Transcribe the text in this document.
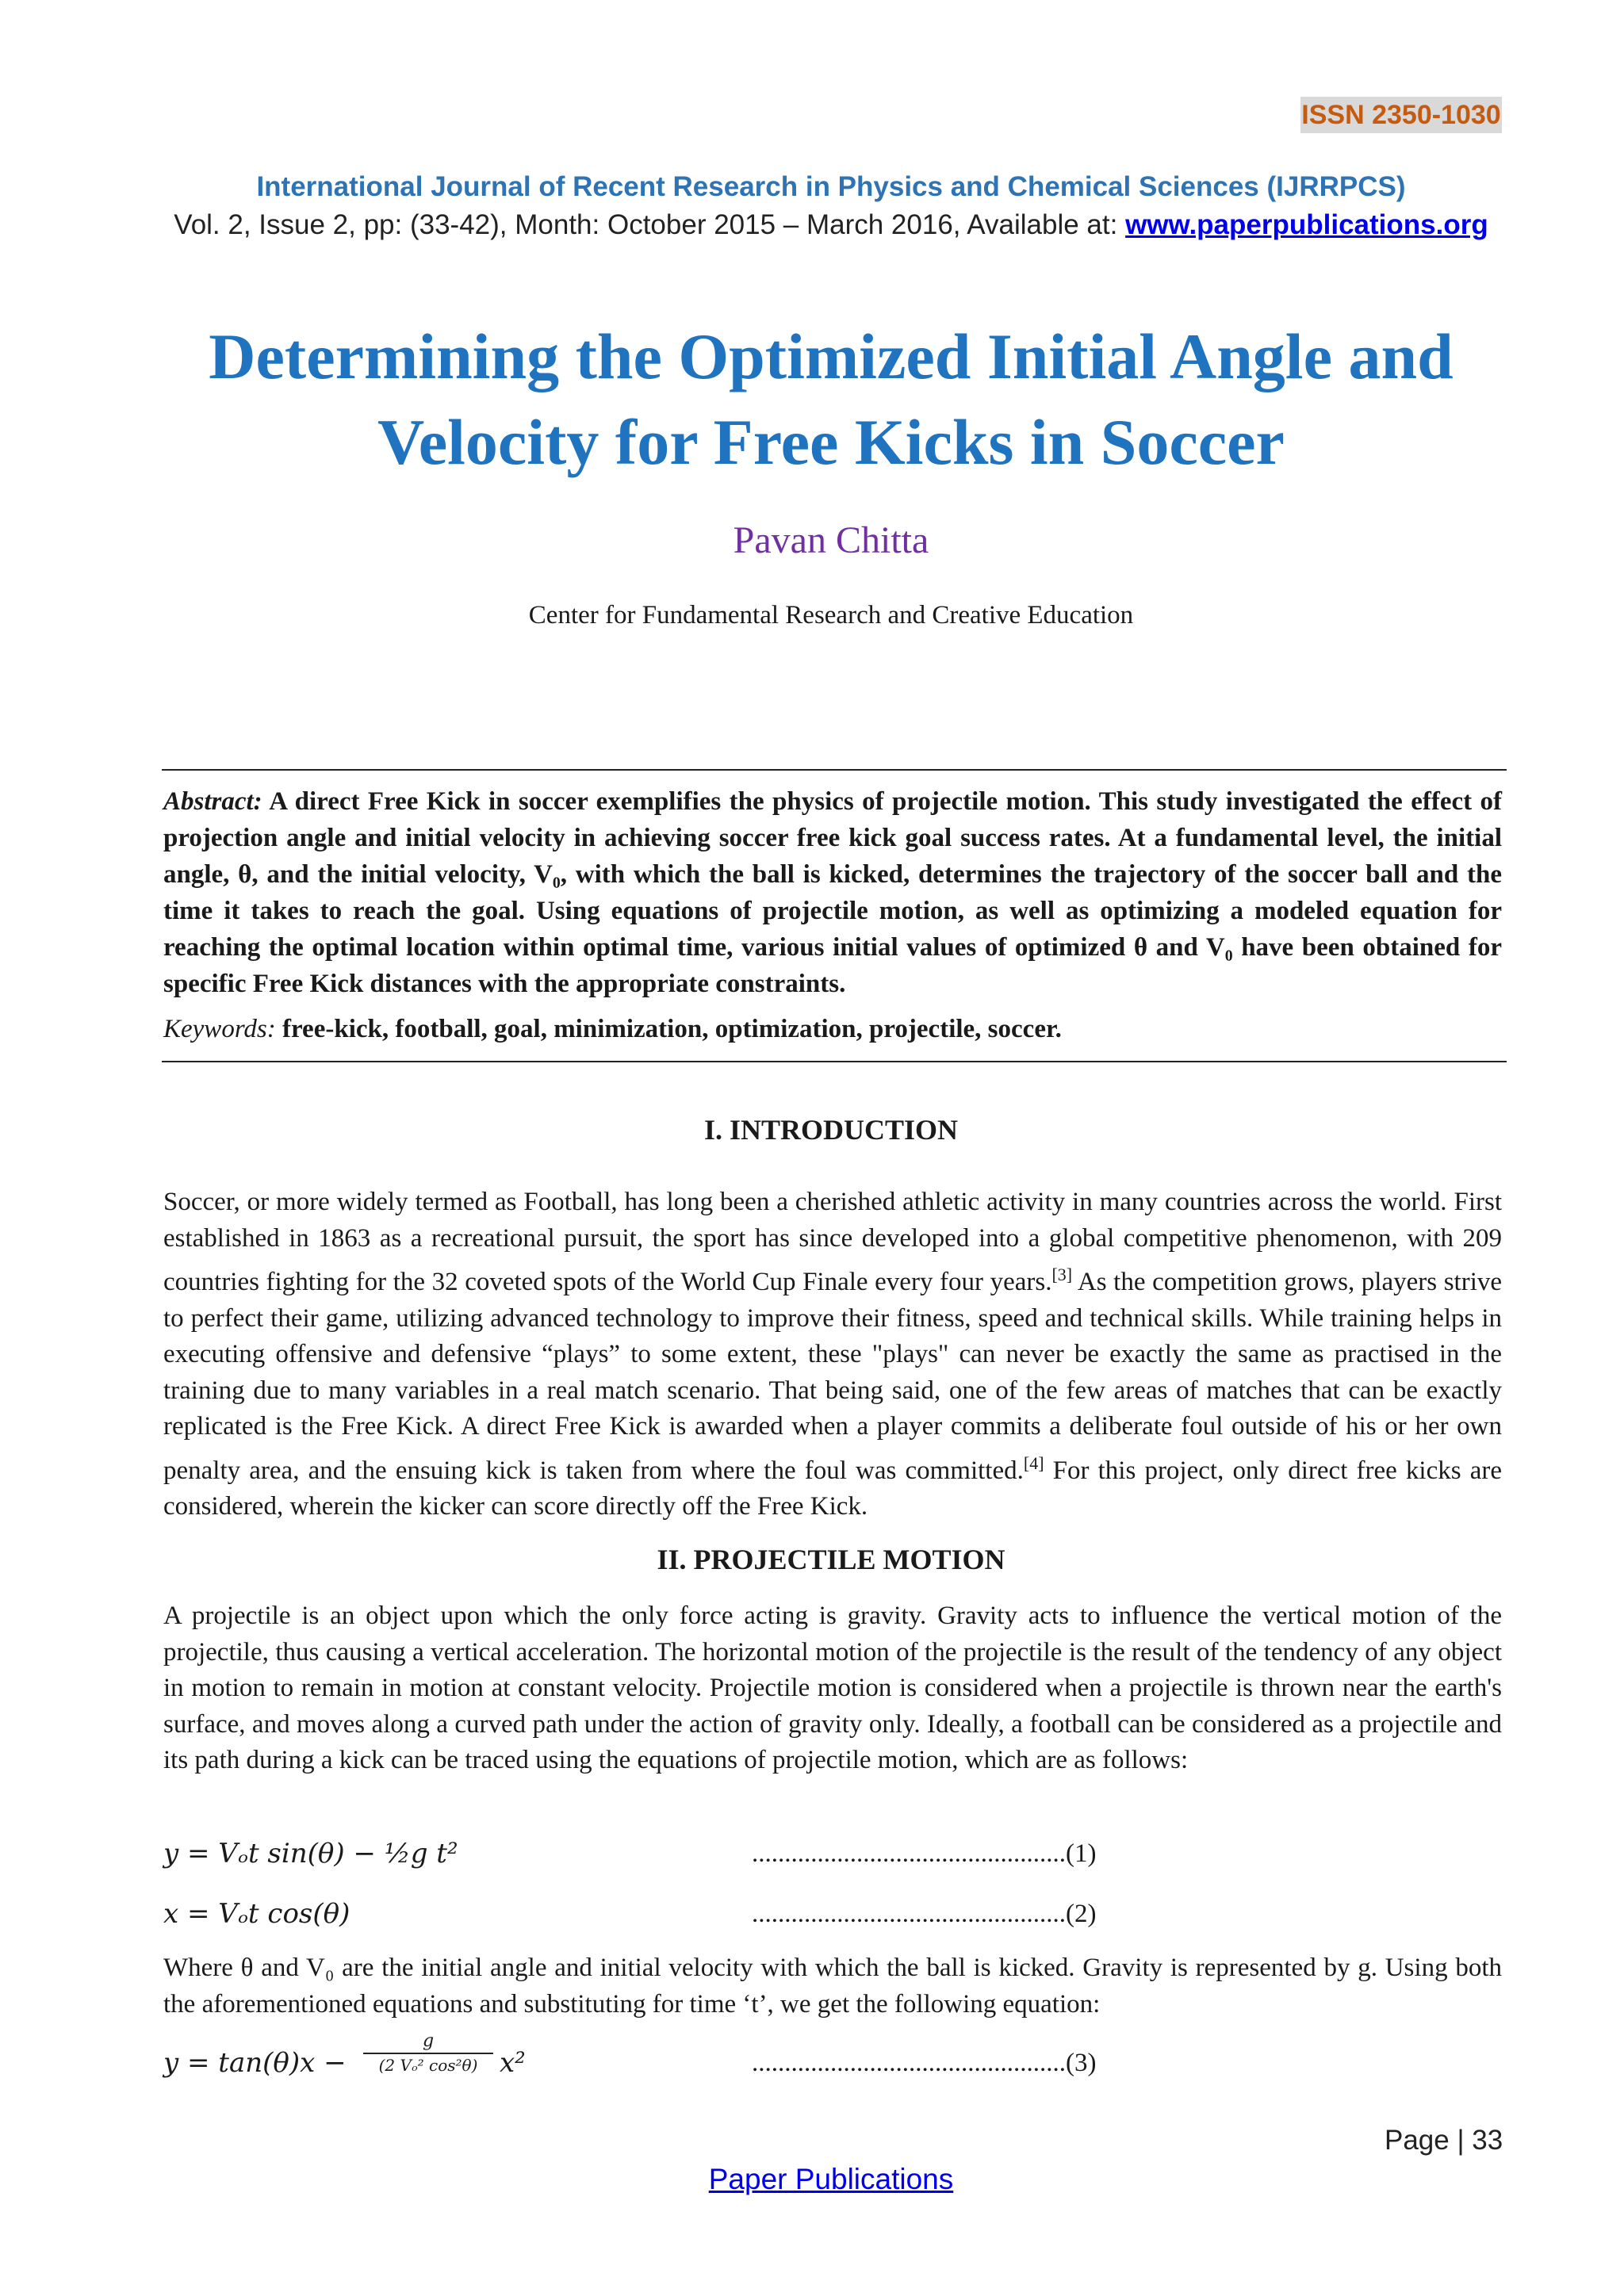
ISSN 2350-1030
International Journal of Recent Research in Physics and Chemical Sciences (IJRRPCS)
Vol. 2, Issue 2, pp: (33-42), Month: October 2015 – March 2016, Available at: www.paperpublications.org
Determining the Optimized Initial Angle and
Velocity for Free Kicks in Soccer
Pavan Chitta
Center for Fundamental Research and Creative Education
Abstract: A direct Free Kick in soccer exemplifies the physics of projectile motion. This study investigated the effect of projection angle and initial velocity in achieving soccer free kick goal success rates. At a fundamental level, the initial angle, θ, and the initial velocity, V₀, with which the ball is kicked, determines the trajectory of the soccer ball and the time it takes to reach the goal. Using equations of projectile motion, as well as optimizing a modeled equation for reaching the optimal location within optimal time, various initial values of optimized θ and V₀ have been obtained for specific Free Kick distances with the appropriate constraints.
Keywords: free-kick, football, goal, minimization, optimization, projectile, soccer.
I. INTRODUCTION
Soccer, or more widely termed as Football, has long been a cherished athletic activity in many countries across the world. First established in 1863 as a recreational pursuit, the sport has since developed into a global competitive phenomenon, with 209 countries fighting for the 32 coveted spots of the World Cup Finale every four years.[3] As the competition grows, players strive to perfect their game, utilizing advanced technology to improve their fitness, speed and technical skills. While training helps in executing offensive and defensive “plays” to some extent, these "plays" can never be exactly the same as practised in the training due to many variables in a real match scenario. That being said, one of the few areas of matches that can be exactly replicated is the Free Kick. A direct Free Kick is awarded when a player commits a deliberate foul outside of his or her own penalty area, and the ensuing kick is taken from where the foul was committed.[4] For this project, only direct free kicks are considered, wherein the kicker can score directly off the Free Kick.
II. PROJECTILE MOTION
A projectile is an object upon which the only force acting is gravity. Gravity acts to influence the vertical motion of the projectile, thus causing a vertical acceleration. The horizontal motion of the projectile is the result of the tendency of any object in motion to remain in motion at constant velocity. Projectile motion is considered when a projectile is thrown near the earth's surface, and moves along a curved path under the action of gravity only. Ideally, a football can be considered as a projectile and its path during a kick can be traced using the equations of projectile motion, which are as follows:
y = Vₒt sin(θ) − ½g t²	................................................(1)
x = Vₒt cos(θ)	................................................(2)
Where θ and V₀ are the initial angle and initial velocity with which the ball is kicked. Gravity is represented by g. Using both the aforementioned equations and substituting for time ‘t’, we get the following equation:
$y = \tan(\theta)x - \frac{g}{\text{(2 Vₒ² cos²θ)}} x^2$	................................................(3)
Page | 33
Paper Publications
